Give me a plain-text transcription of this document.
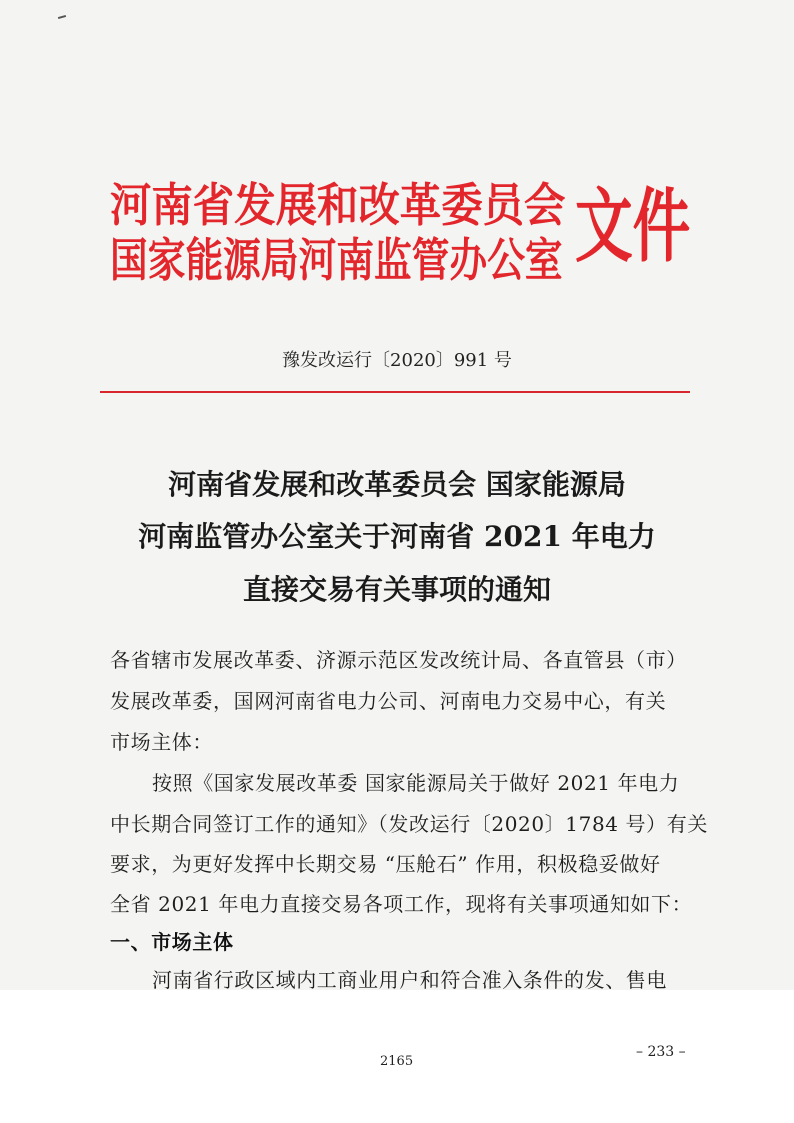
河南省发展和改革委员会
国家能源局河南监管办公室 文件
豫发改运行〔2020〕991 号
河南省发展和改革委员会 国家能源局
河南监管办公室关于河南省 2021 年电力
直接交易有关事项的通知
各省辖市发展改革委、济源示范区发改统计局、各直管县（市）
发展改革委，国网河南省电力公司、河南电力交易中心，有关
市场主体：
按照《国家发展改革委 国家能源局关于做好 2021 年电力
中长期合同签订工作的通知》（发改运行〔2020〕1784 号）有关
要求，为更好发挥中长期交易 “压舱石” 作用，积极稳妥做好
全省 2021 年电力直接交易各项工作，现将有关事项通知如下：
一、市场主体
河南省行政区域内工商业用户和符合准入条件的发、售电
– 233 –
2165
